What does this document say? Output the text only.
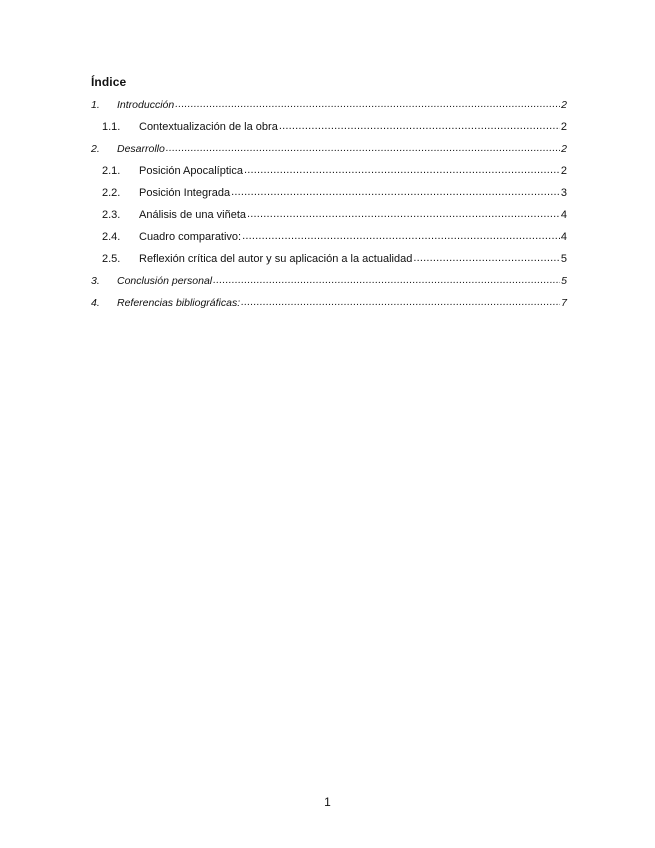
Índice
1.	Introducción .....	2
1.1.	Contextualización de la obra .....	2
2.	Desarrollo .....	2
2.1.	Posición Apocalíptica .....	2
2.2.	Posición Integrada .....	3
2.3.	Análisis de una viñeta .....	4
2.4.	Cuadro comparativo: .....	4
2.5.	Reflexión crítica del autor y su aplicación a la actualidad .....	5
3.	Conclusión personal .....	5
4.	Referencias bibliográficas: .....	7
1
